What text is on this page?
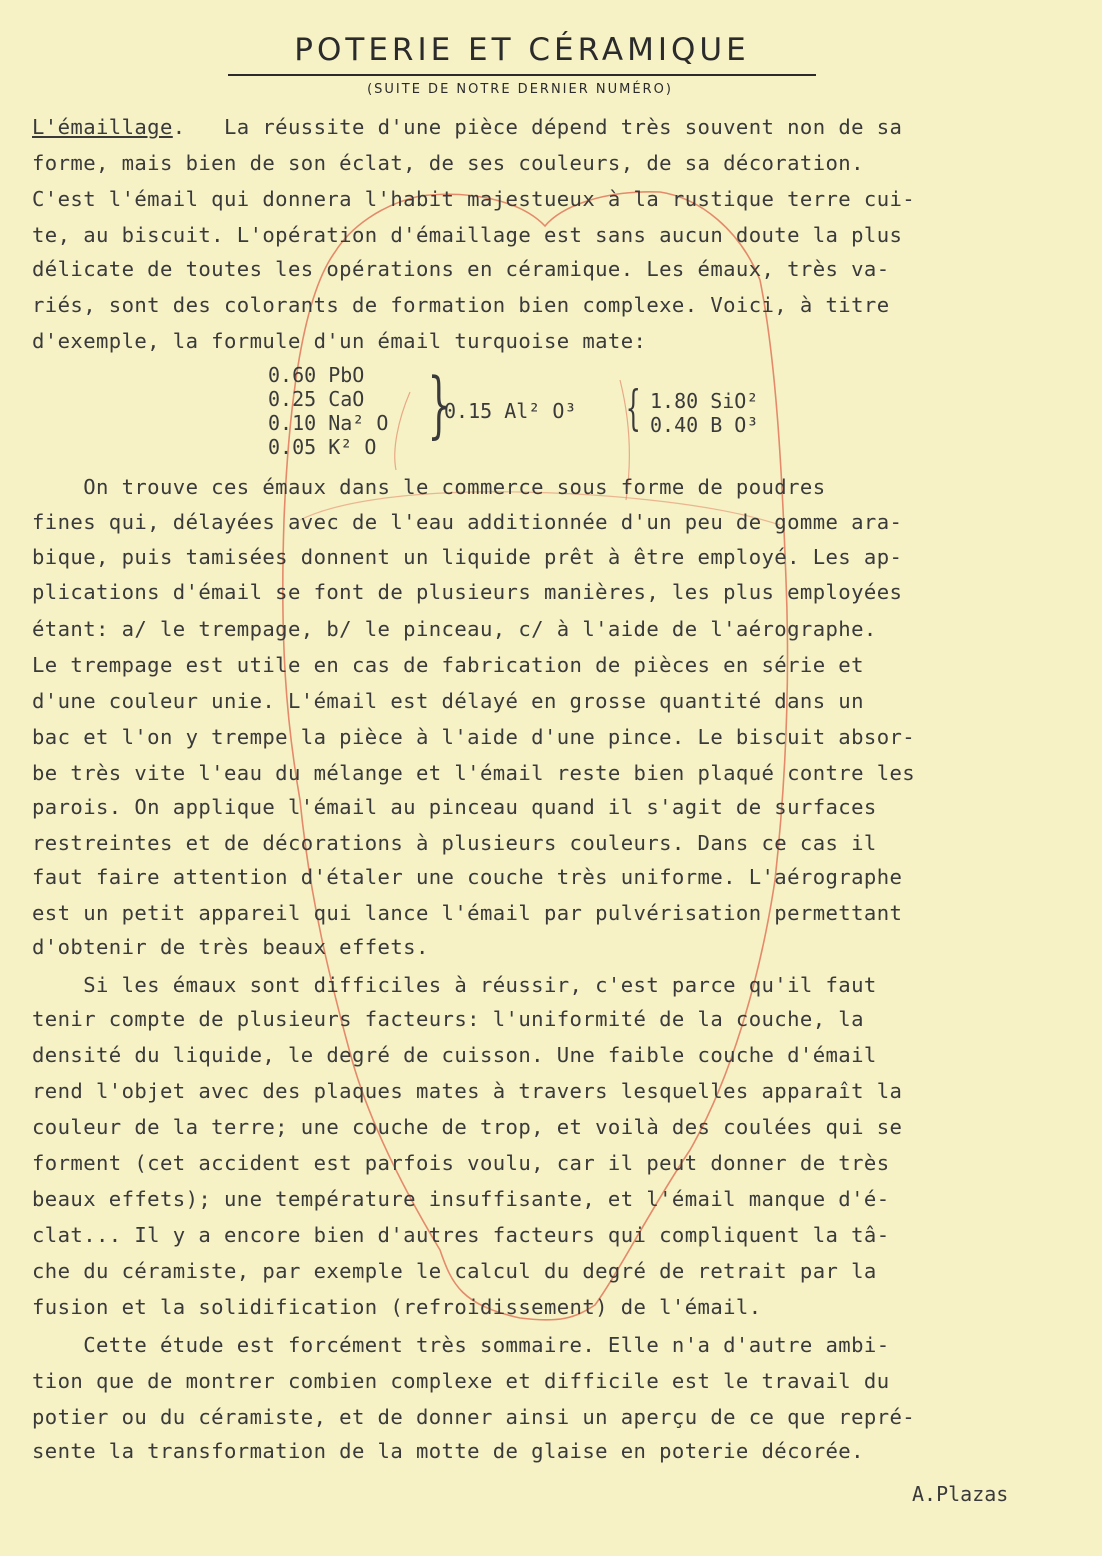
POTERIE ET CÉRAMIQUE
(SUITE DE NOTRE DERNIER NUMÉRO)
L'émaillage.   La réussite d'une pièce dépend très souvent non de sa
forme, mais bien de son éclat, de ses couleurs, de sa décoration.
C'est l'émail qui donnera l'habit majestueux à la rustique terre cui-
te, au biscuit. L'opération d'émaillage est sans aucun doute la plus
délicate de toutes les opérations en céramique. Les émaux, très va-
riés, sont des colorants de formation bien complexe. Voici, à titre
d'exemple, la formule d'un émail turquoise mate:
0.60 PbO
0.25 CaO
0.10 Na² O
0.05 K² O
}
0.15 Al² O³ { 1.80 SiO²
0.40 B O³
On trouve ces émaux dans le commerce sous forme de poudres
fines qui, délayées avec de l'eau additionnée d'un peu de gomme ara-
bique, puis tamisées donnent un liquide prêt à être employé. Les ap-
plications d'émail se font de plusieurs manières, les plus employées
étant: a/ le trempage, b/ le pinceau, c/ à l'aide de l'aérographe.
Le trempage est utile en cas de fabrication de pièces en série et
d'une couleur unie. L'émail est délayé en grosse quantité dans un
bac et l'on y trempe la pièce à l'aide d'une pince. Le biscuit absor-
be très vite l'eau du mélange et l'émail reste bien plaqué contre les
parois. On applique l'émail au pinceau quand il s'agit de surfaces
restreintes et de décorations à plusieurs couleurs. Dans ce cas il
faut faire attention d'étaler une couche très uniforme. L'aérographe
est un petit appareil qui lance l'émail par pulvérisation permettant
d'obtenir de très beaux effets.
Si les émaux sont difficiles à réussir, c'est parce qu'il faut
tenir compte de plusieurs facteurs: l'uniformité de la couche, la
densité du liquide, le degré de cuisson. Une faible couche d'émail
rend l'objet avec des plaques mates à travers lesquelles apparaît la
couleur de la terre; une couche de trop, et voilà des coulées qui se
forment (cet accident est parfois voulu, car il peut donner de très
beaux effets); une température insuffisante, et l'émail manque d'é-
clat... Il y a encore bien d'autres facteurs qui compliquent la tâ-
che du céramiste, par exemple le calcul du degré de retrait par la
fusion et la solidification (refroidissement) de l'émail.
Cette étude est forcément très sommaire. Elle n'a d'autre ambi-
tion que de montrer combien complexe et difficile est le travail du
potier ou du céramiste, et de donner ainsi un aperçu de ce que repré-
sente la transformation de la motte de glaise en poterie décorée.
A.Plazas
